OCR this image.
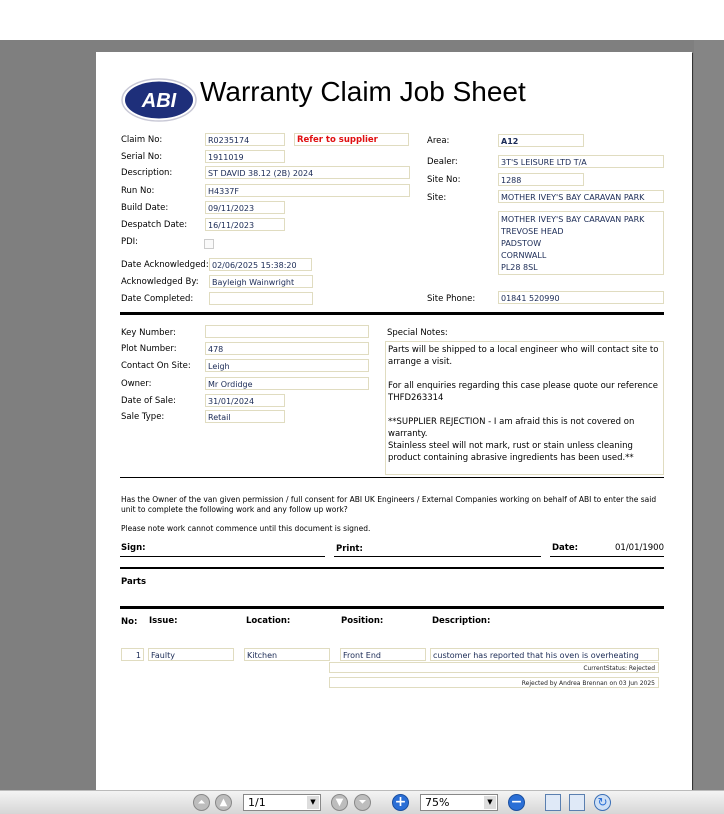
ABI Warranty Claim Job Sheet
Claim No:	R0235174	Refer to supplier
Serial No:	1911019
Description:	ST DAVID 38.12 (2B) 2024
Run No:	H4337F
Build Date:	09/11/2023
Despatch Date:	16/11/2023
PDI:
Date Acknowledged: 02/06/2025 15:38:20
Acknowledged By:	Bayleigh Wainwright
Date Completed:
Area:	A12
Dealer:	3T'S LEISURE LTD T/A
Site No:	1288
Site:	MOTHER IVEY'S BAY CARAVAN PARK
MOTHER IVEY'S BAY CARAVAN PARK
TREVOSE HEAD
PADSTOW
CORNWALL
PL28 8SL
Site Phone:	01841 520990
Key Number:
Plot Number:	478
Contact On Site:	Leigh
Owner:	Mr Ordidge
Date of Sale:	31/01/2024
Sale Type:	Retail
Special Notes:

Parts will be shipped to a local engineer who will contact site to arrange a visit.

For all enquiries regarding this case please quote our reference THFD263314

**SUPPLIER REJECTION - I am afraid this is not covered on warranty.
Stainless steel will not mark, rust or stain unless cleaning product containing abrasive ingredients has been used.**
Has the Owner of the van given permission / full consent for ABI UK Engineers / External Companies working on behalf of ABI to enter the said unit to complete the following work and any follow up work?
Please note work cannot commence until this document is signed.
Sign:	Print:	Date:	01/01/1900
Parts
No: Issue:	Location:	Position:	Description:
1	Faulty	Kitchen	Front End	customer has reported that his oven is overheating
CurrentStatus: Rejected
Rejected by Andrea Brennan on 03 Jun 2025
⏶	▲	1/1	▼	▼	⏷	+	75%	▼ −	↻
